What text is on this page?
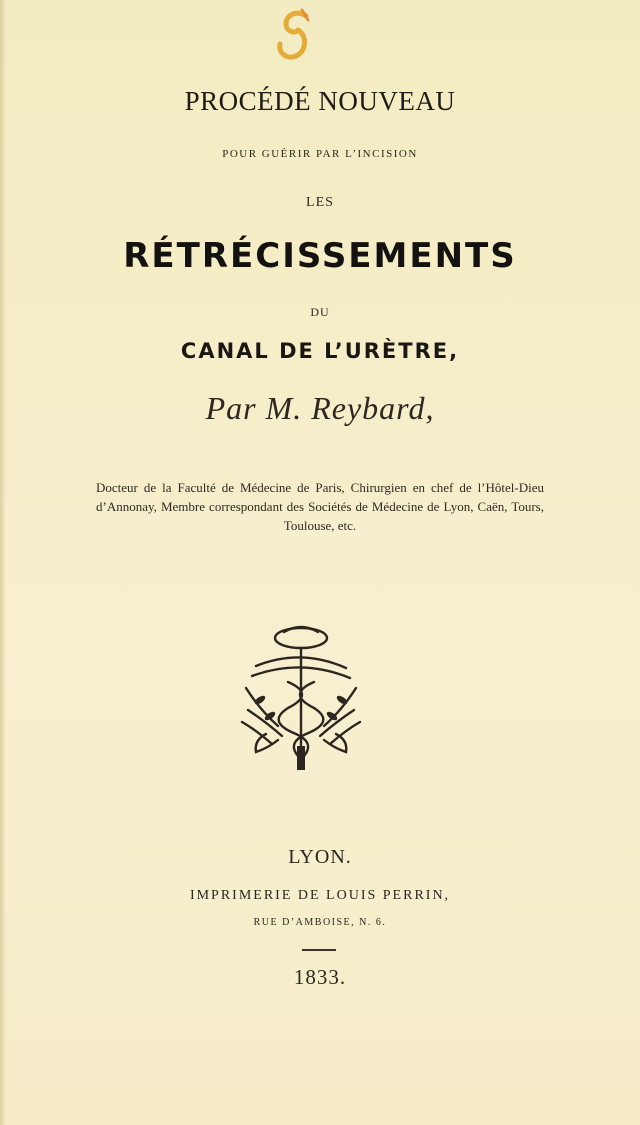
PROCÉDÉ NOUVEAU
POUR GUÉRIR PAR L’INCISION
LES
RÉTRÉCISSEMENTS
DU
CANAL DE L’URÈTRE,
Par M. Reybard,
Docteur de la Faculté de Médecine de Paris, Chirurgien en chef de l’Hôtel-Dieu d’Annonay, Membre correspondant des Sociétés de Médecine de Lyon, Caën, Tours, Toulouse, etc.
LYON.
IMPRIMERIE DE LOUIS PERRIN,
RUE D’AMBOISE, N. 6.
1833.
